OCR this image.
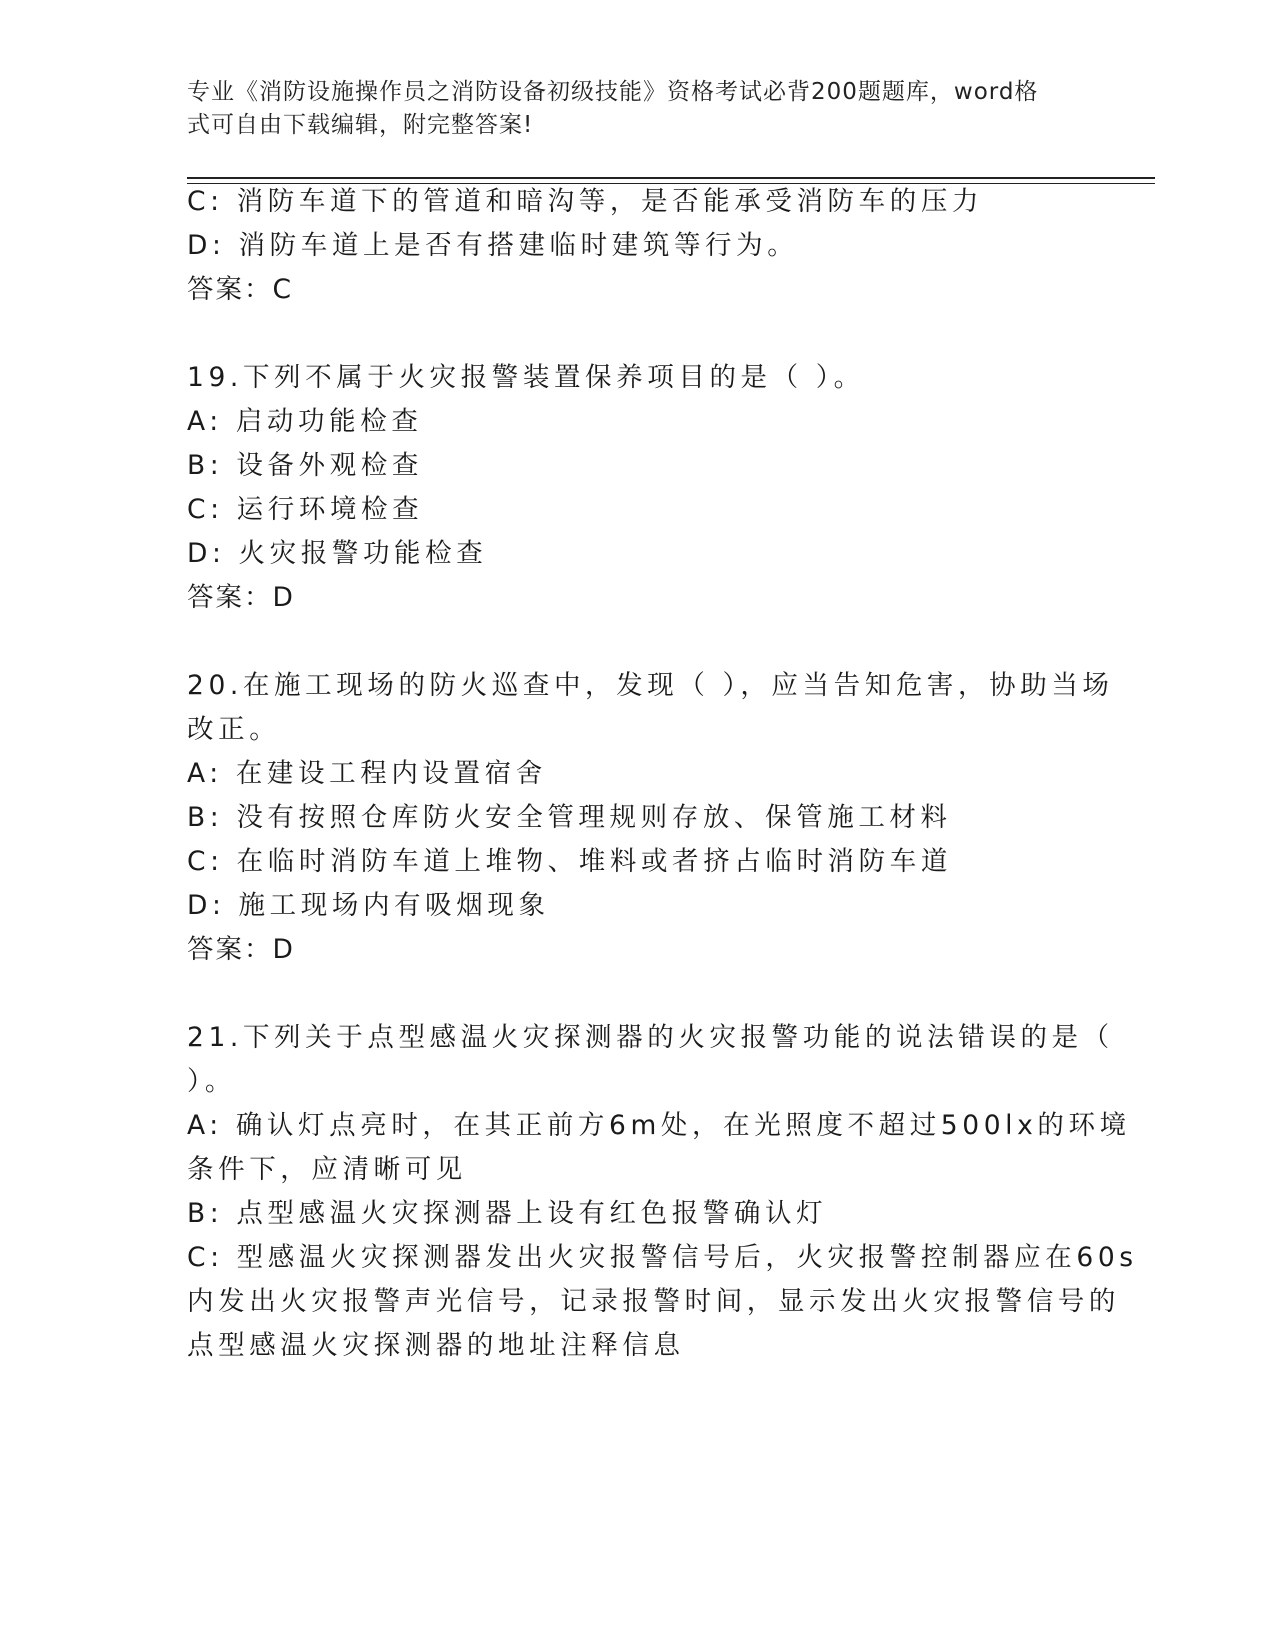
专业《消防设施操作员之消防设备初级技能》资格考试必背200题题库，word格
式可自由下载编辑，附完整答案!
C: 消防车道下的管道和暗沟等，是否能承受消防车的压力
D: 消防车道上是否有搭建临时建筑等行为。
答案：C
19.下列不属于火灾报警装置保养项目的是（ ）。
A: 启动功能检查
B: 设备外观检查
C: 运行环境检查
D: 火灾报警功能检查
答案：D
20.在施工现场的防火巡查中，发现（ ），应当告知危害，协助当场
改正。
A: 在建设工程内设置宿舍
B: 没有按照仓库防火安全管理规则存放、保管施工材料
C: 在临时消防车道上堆物、堆料或者挤占临时消防车道
D: 施工现场内有吸烟现象
答案：D
21.下列关于点型感温火灾探测器的火灾报警功能的说法错误的是（
）。
A: 确认灯点亮时，在其正前方6m处，在光照度不超过500lx的环境
条件下，应清晰可见
B: 点型感温火灾探测器上设有红色报警确认灯
C: 型感温火灾探测器发出火灾报警信号后，火灾报警控制器应在60s
内发出火灾报警声光信号，记录报警时间，显示发出火灾报警信号的
点型感温火灾探测器的地址注释信息
